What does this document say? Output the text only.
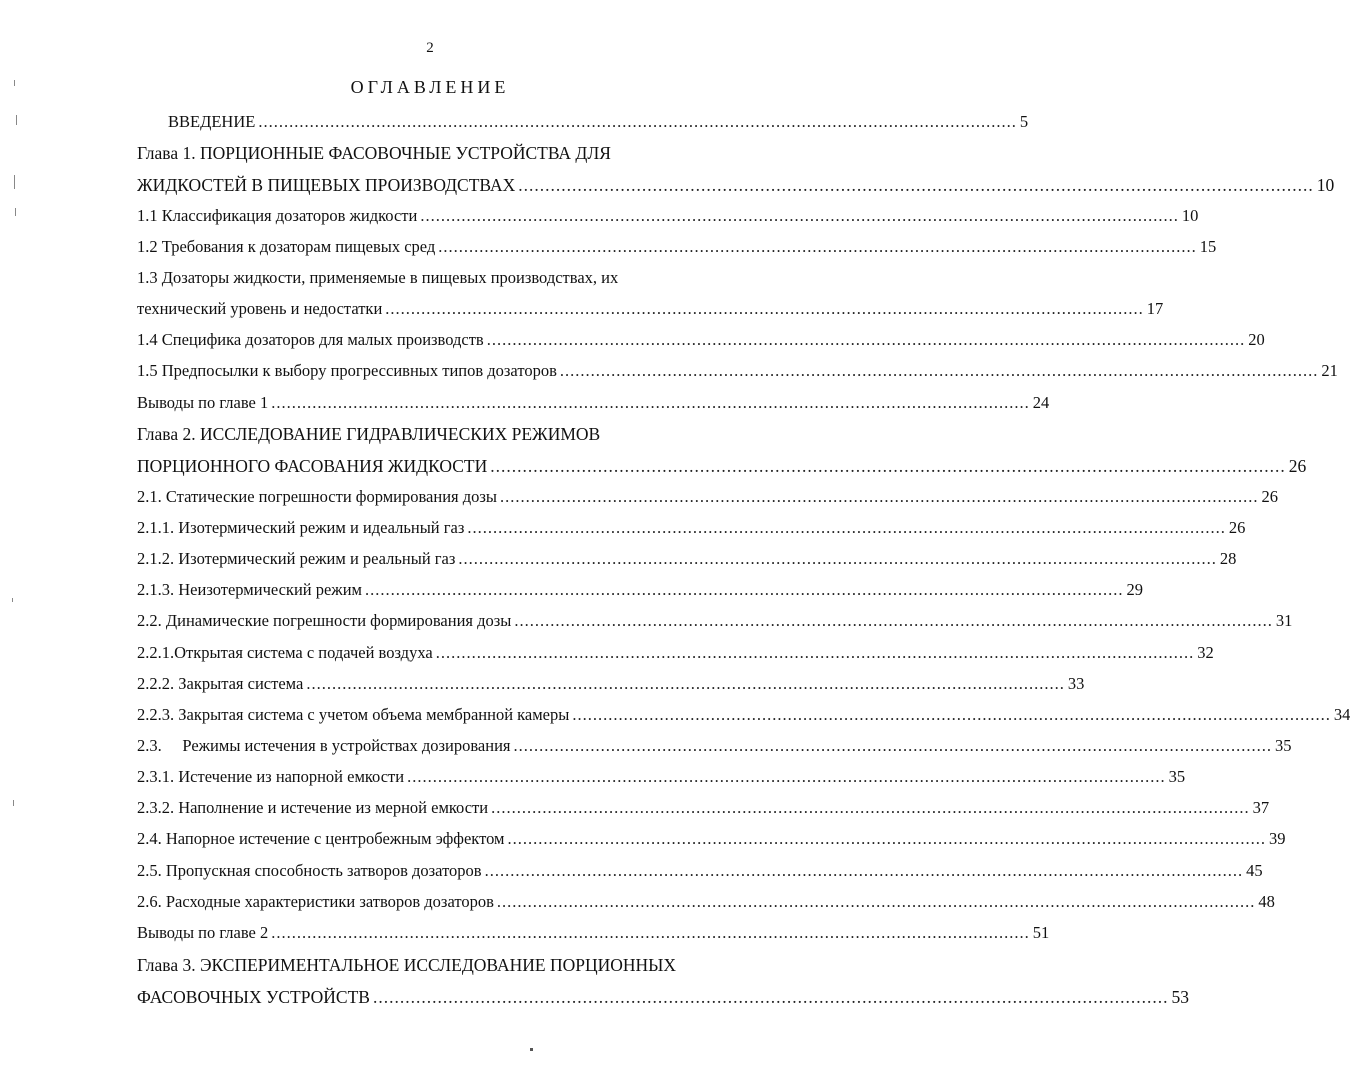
2
ОГЛАВЛЕНИЕ
ВВЕДЕНИЕ .................................................................................................................................................... 5
Глава 1. ПОРЦИОННЫЕ ФАСОВОЧНЫЕ УСТРОЙСТВА ДЛЯ
ЖИДКОСТЕЙ В ПИЩЕВЫХ ПРОИЗВОДСТВАХ .................................................................................................................................................... 10
1.1 Классификация дозаторов жидкости .................................................................................................................................................... 10
1.2 Требования к дозаторам пищевых сред .................................................................................................................................................... 15
1.3 Дозаторы жидкости, применяемые в пищевых производствах, их
технический уровень и недостатки .................................................................................................................................................... 17
1.4 Специфика дозаторов для малых производств .................................................................................................................................................... 20
1.5 Предпосылки к выбору прогрессивных типов дозаторов .................................................................................................................................................... 21
Выводы по главе 1 .................................................................................................................................................... 24
Глава 2. ИССЛЕДОВАНИЕ ГИДРАВЛИЧЕСКИХ РЕЖИМОВ
ПОРЦИОННОГО ФАСОВАНИЯ ЖИДКОСТИ .................................................................................................................................................... 26
2.1. Статические погрешности формирования дозы .................................................................................................................................................... 26
2.1.1. Изотермический режим и идеальный газ .................................................................................................................................................... 26
2.1.2. Изотермический режим и реальный газ .................................................................................................................................................... 28
2.1.3. Неизотермический режим .................................................................................................................................................... 29
2.2. Динамические погрешности формирования дозы .................................................................................................................................................... 31
2.2.1.Открытая система с подачей воздуха .................................................................................................................................................... 32
2.2.2. Закрытая система .................................................................................................................................................... 33
2.2.3. Закрытая система с учетом объема мембранной камеры .................................................................................................................................................... 34
2.3.     Режимы истечения в устройствах дозирования .................................................................................................................................................... 35
2.3.1. Истечение из напорной емкости .................................................................................................................................................... 35
2.3.2. Наполнение и истечение из мерной емкости .................................................................................................................................................... 37
2.4. Напорное истечение с центробежным эффектом .................................................................................................................................................... 39
2.5. Пропускная способность затворов дозаторов .................................................................................................................................................... 45
2.6. Расходные характеристики затворов дозаторов .................................................................................................................................................... 48
Выводы по главе 2 .................................................................................................................................................... 51
Глава 3. ЭКСПЕРИМЕНТАЛЬНОЕ ИССЛЕДОВАНИЕ ПОРЦИОННЫХ
ФАСОВОЧНЫХ УСТРОЙСТВ .................................................................................................................................................... 53
